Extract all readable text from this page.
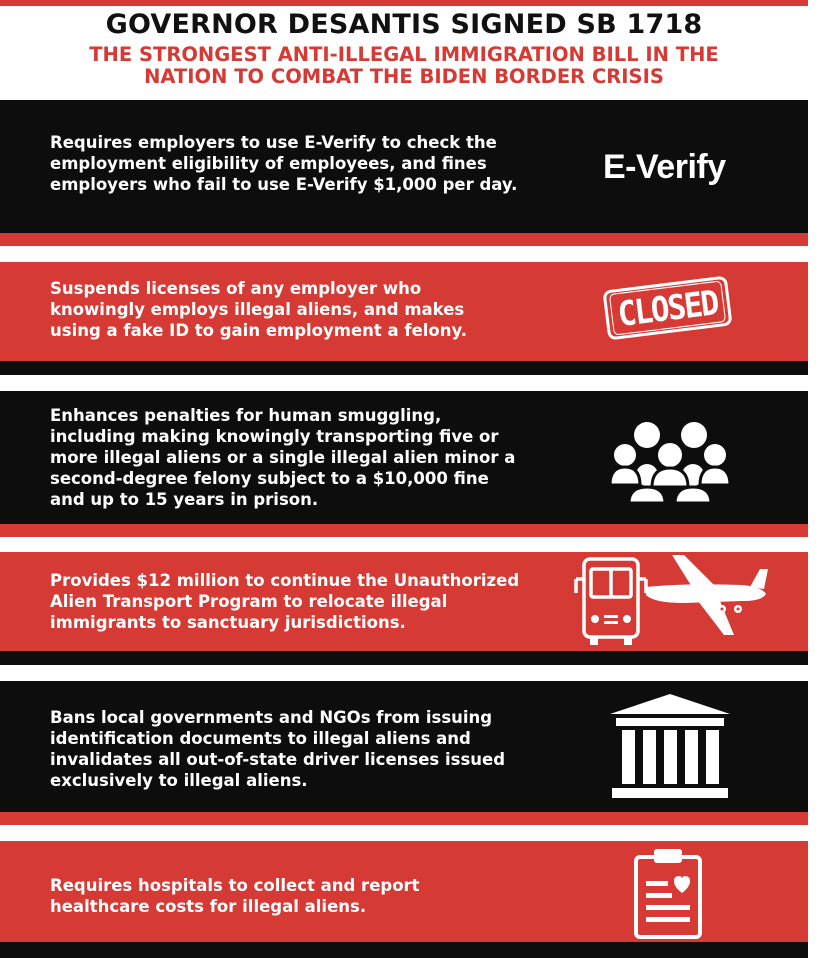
GOVERNOR DESANTIS SIGNED SB 1718
THE STRONGEST ANTI-ILLEGAL IMMIGRATION BILL IN THE
NATION TO COMBAT THE BIDEN BORDER CRISIS
Requires employers to use E-Verify to check the
employment eligibility of employees, and fines
employers who fail to use E-Verify $1,000 per day.	E-Verify
Suspends licenses of any employer who
knowingly employs illegal aliens, and makes
using a fake ID to gain employment a felony.	CLOSED
Enhances penalties for human smuggling,
including making knowingly transporting five or
more illegal aliens or a single illegal alien minor a
second-degree felony subject to a $10,000 fine
and up to 15 years in prison.
Provides $12 million to continue the Unauthorized
Alien Transport Program to relocate illegal
immigrants to sanctuary jurisdictions.
Bans local governments and NGOs from issuing
identification documents to illegal aliens and
invalidates all out-of-state driver licenses issued
exclusively to illegal aliens.
Requires hospitals to collect and report
healthcare costs for illegal aliens.
